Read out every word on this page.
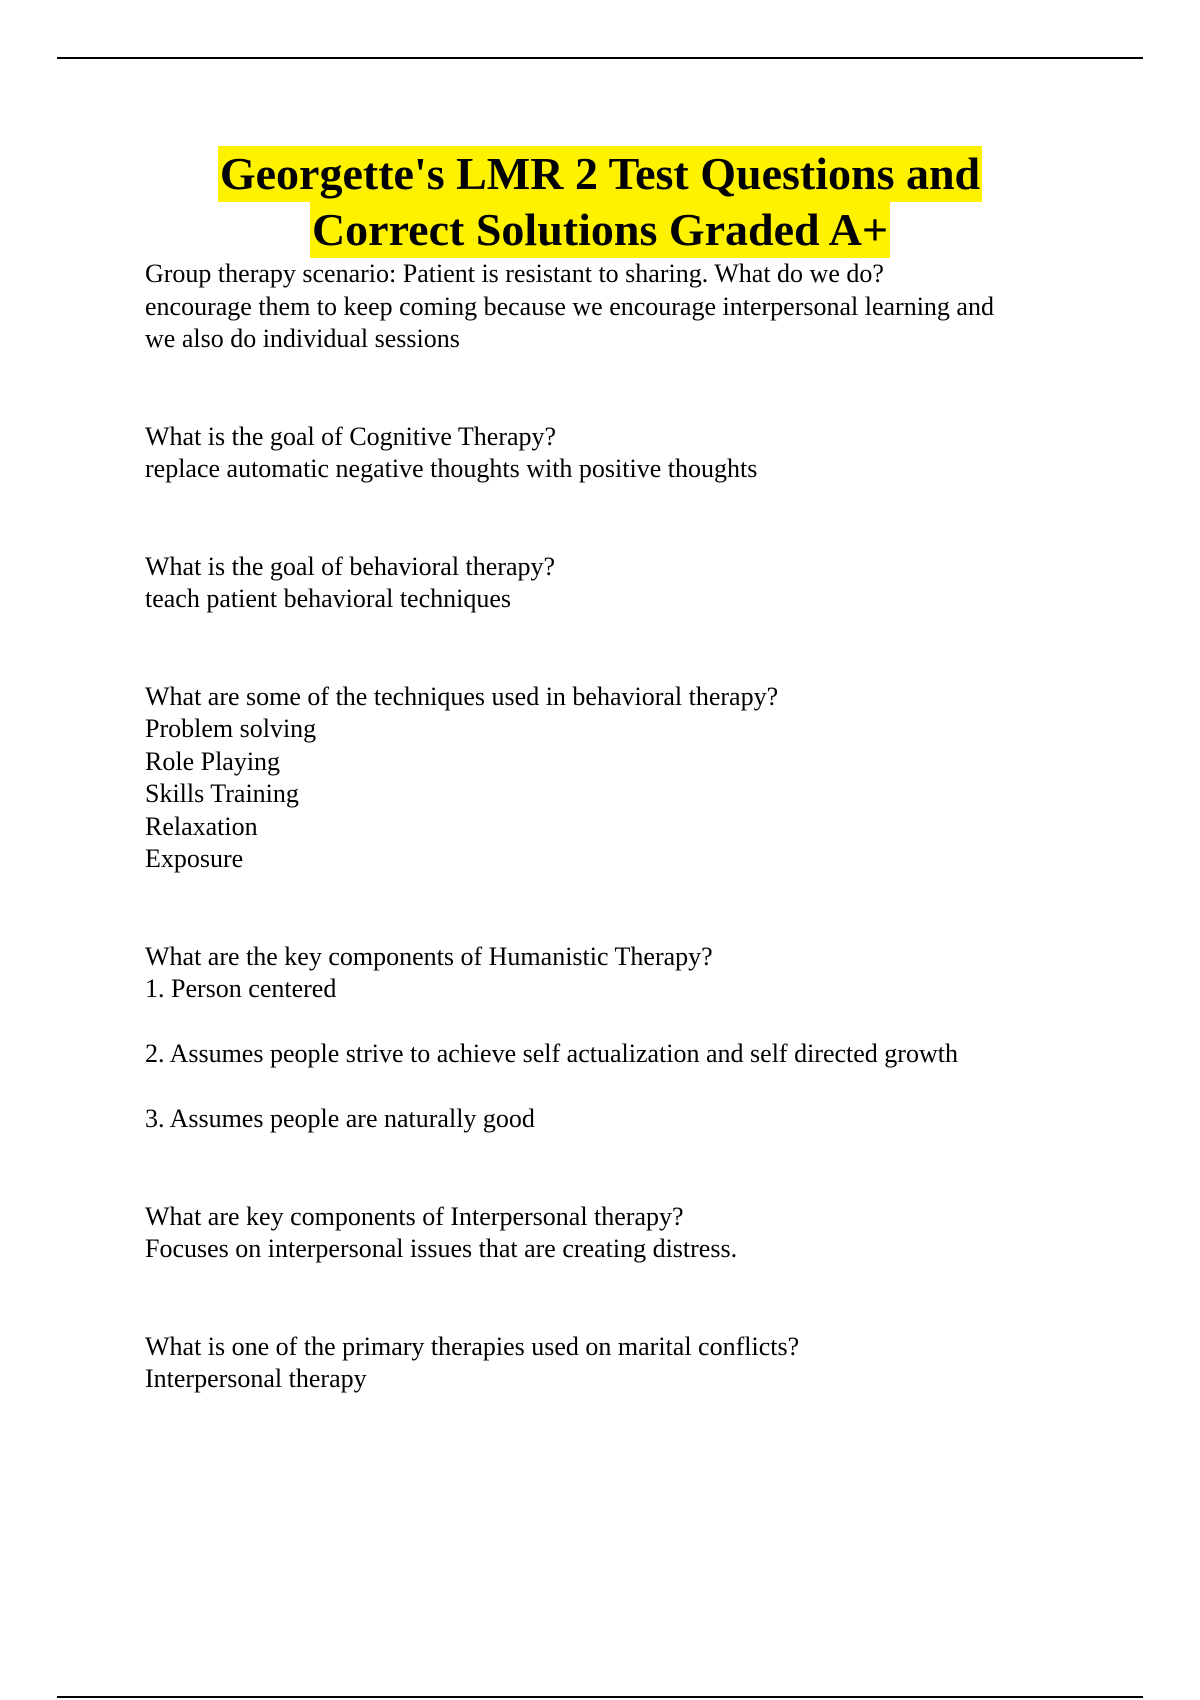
Georgette's LMR 2 Test Questions and
Correct Solutions Graded A+
Group therapy scenario: Patient is resistant to sharing. What do we do?
encourage them to keep coming because we encourage interpersonal learning and
we also do individual sessions
What is the goal of Cognitive Therapy?
replace automatic negative thoughts with positive thoughts
What is the goal of behavioral therapy?
teach patient behavioral techniques
What are some of the techniques used in behavioral therapy?
Problem solving
Role Playing
Skills Training
Relaxation
Exposure
What are the key components of Humanistic Therapy?
1. Person centered
2. Assumes people strive to achieve self actualization and self directed growth
3. Assumes people are naturally good
What are key components of Interpersonal therapy?
Focuses on interpersonal issues that are creating distress.
What is one of the primary therapies used on marital conflicts?
Interpersonal therapy
